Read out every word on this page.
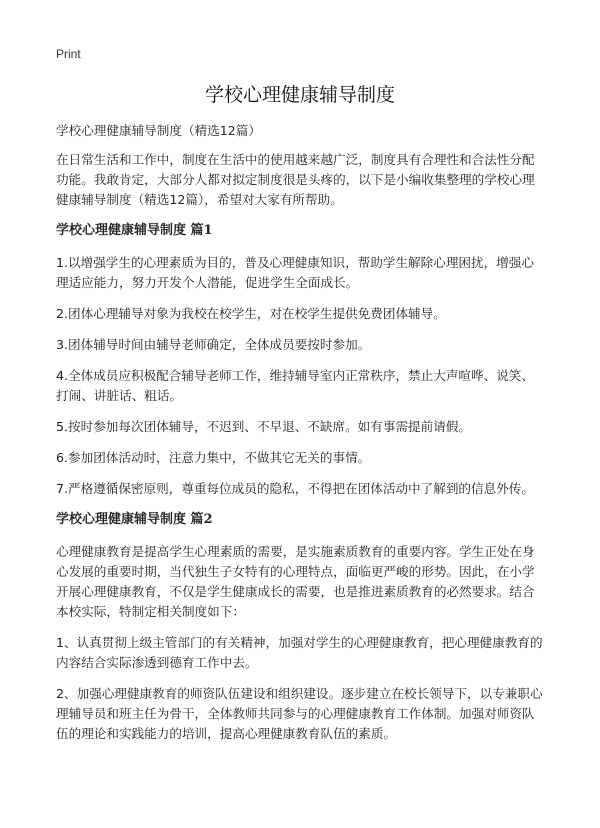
Print
学校心理健康辅导制度

学校心理健康辅导制度（精选12篇）

在日常生活和工作中，制度在生活中的使用越来越广泛，制度具有合理性和合法性分配功能。我敢肯定，大部分人都对拟定制度很是头疼的，以下是小编收集整理的学校心理健康辅导制度（精选12篇），希望对大家有所帮助。

学校心理健康辅导制度 篇1

1.以增强学生的心理素质为目的，普及心理健康知识，帮助学生解除心理困扰，增强心理适应能力，努力开发个人潜能，促进学生全面成长。

2.团体心理辅导对象为我校在校学生，对在校学生提供免费团体辅导。

3.团体辅导时间由辅导老师确定，全体成员要按时参加。

4.全体成员应积极配合辅导老师工作，维持辅导室内正常秩序，禁止大声喧哗、说笑、打闹、讲脏话、粗话。

5.按时参加每次团体辅导，不迟到、不早退、不缺席。如有事需提前请假。

6.参加团体活动时，注意力集中，不做其它无关的事情。

7.严格遵循保密原则，尊重每位成员的隐私，不得把在团体活动中了解到的信息外传。

学校心理健康辅导制度 篇2

心理健康教育是提高学生心理素质的需要，是实施素质教育的重要内容。学生正处在身心发展的重要时期，当代独生子女特有的心理特点，面临更严峻的形势。因此，在小学开展心理健康教育，不仅是学生健康成长的需要，也是推进素质教育的必然要求。结合本校实际，特制定相关制度如下：

1、认真贯彻上级主管部门的有关精神，加强对学生的心理健康教育，把心理健康教育的内容结合实际渗透到德育工作中去。

2、加强心理健康教育的师资队伍建设和组织建设。逐步建立在校长领导下，以专兼职心理辅导员和班主任为骨干，全体教师共同参与的心理健康教育工作体制。加强对师资队伍的理论和实践能力的培训，提高心理健康教育队伍的素质。
